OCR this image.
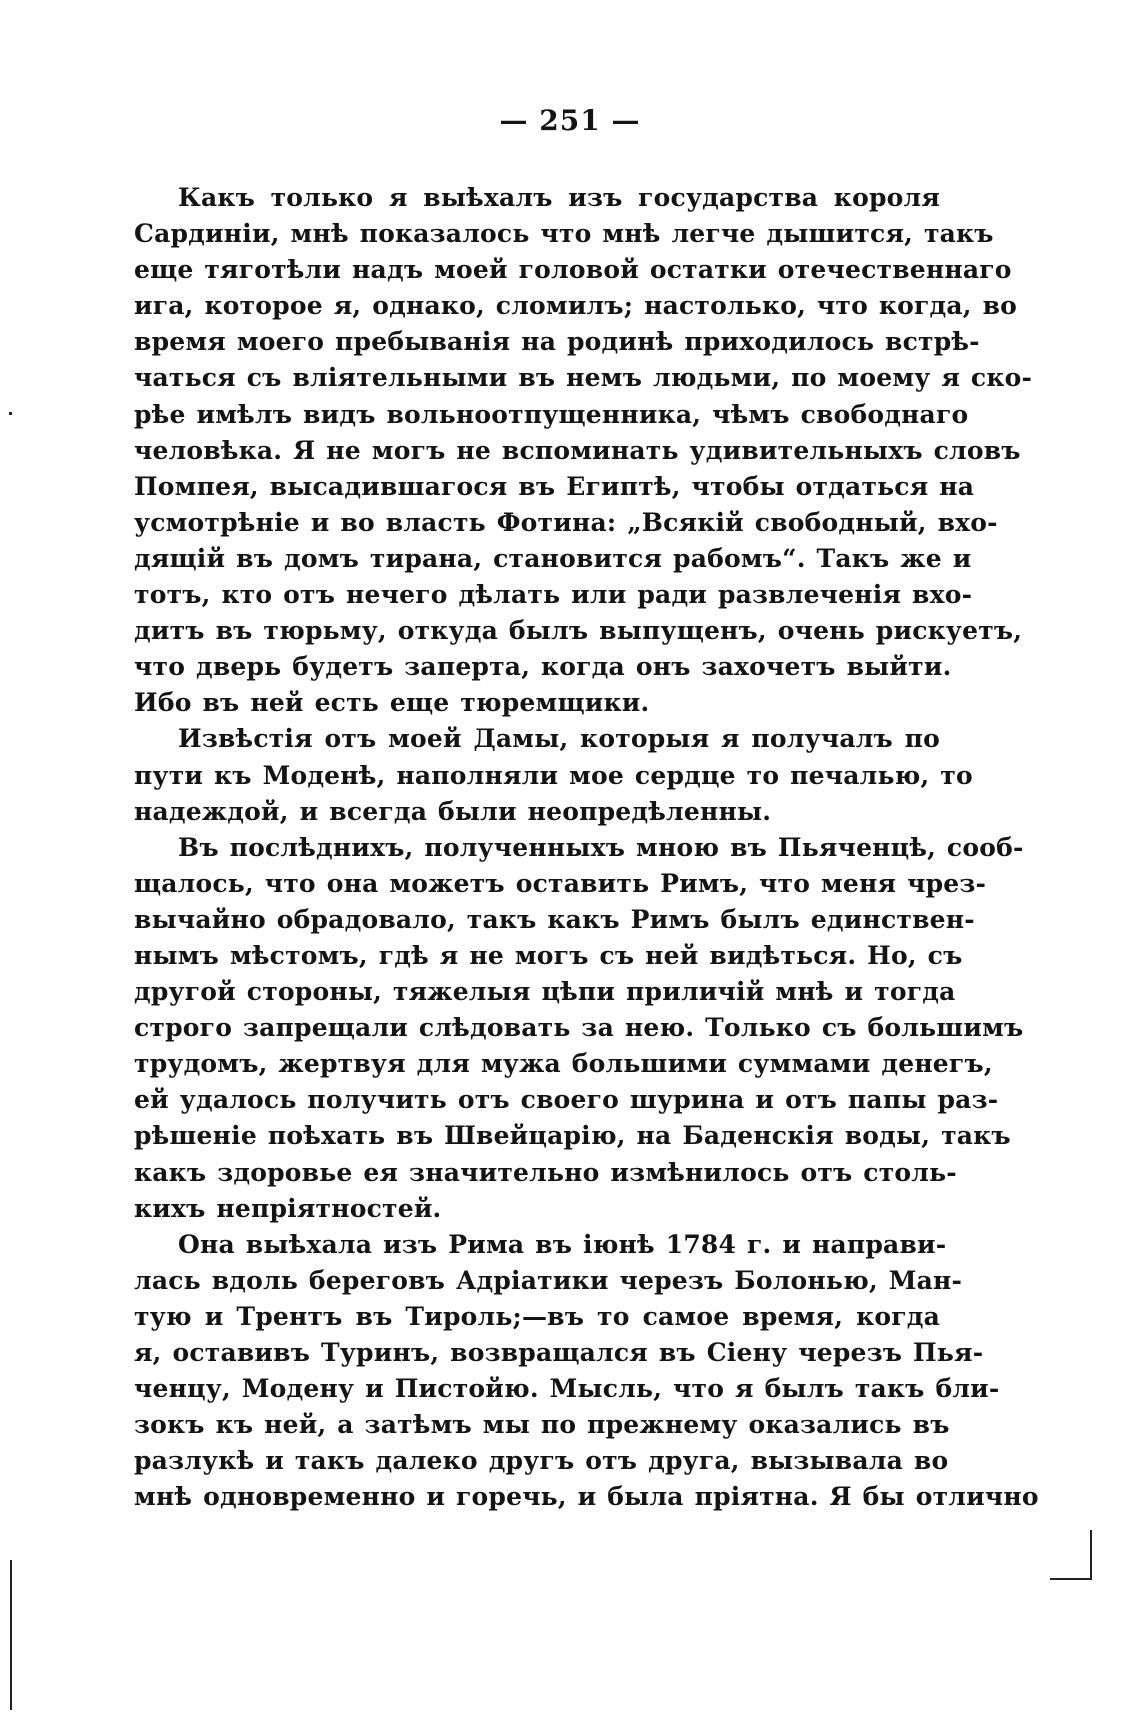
— 251 —
Какъ только я выѣхалъ изъ государства короля
Сардиніи, мнѣ показалось что мнѣ легче дышится, такъ
еще тяготѣли надъ моей головой остатки отечественнаго
ига, которое я, однако, сломилъ; настолько, что когда, во
время моего пребыванія на родинѣ приходилось встрѣ-
чаться съ вліятельными въ немъ людьми, по моему я ско-
рѣе имѣлъ видъ вольноотпущенника, чѣмъ свободнаго
человѣка. Я не могъ не вспоминать удивительныхъ словъ
Помпея, высадившагося въ Египтѣ, чтобы отдаться на
усмотрѣніе и во власть Фотина: „Всякій свободный, вхо-
дящій въ домъ тирана, становится рабомъ“. Такъ же и
тотъ, кто отъ нечего дѣлать или ради развлеченія вхо-
дитъ въ тюрьму, откуда былъ выпущенъ, очень рискуетъ,
что дверь будетъ заперта, когда онъ захочетъ выйти.
Ибо въ ней есть еще тюремщики.
Извѣстія отъ моей Дамы, которыя я получалъ по
пути къ Моденѣ, наполняли мое сердце то печалью, то
надеждой, и всегда были неопредѣленны.
Въ послѣднихъ, полученныхъ мною въ Пьяченцѣ, сооб-
щалось, что она можетъ оставить Римъ, что меня чрез-
вычайно обрадовало, такъ какъ Римъ былъ единствен-
нымъ мѣстомъ, гдѣ я не могъ съ ней видѣться. Но, съ
другой стороны, тяжелыя цѣпи приличій мнѣ и тогда
строго запрещали слѣдовать за нею. Только съ большимъ
трудомъ, жертвуя для мужа большими суммами денегъ,
ей удалось получить отъ своего шурина и отъ папы раз-
рѣшеніе поѣхать въ Швейцарію, на Баденскія воды, такъ
какъ здоровье ея значительно измѣнилось отъ столь-
кихъ непріятностей.
Она выѣхала изъ Рима въ іюнѣ 1784 г. и направи-
лась вдоль береговъ Адріатики черезъ Болонью, Ман-
тую и Трентъ въ Тироль;—въ то самое время, когда
я, оставивъ Туринъ, возвращался въ Сіену черезъ Пья-
ченцу, Модену и Пистойю. Мысль, что я былъ такъ бли-
зокъ къ ней, а затѣмъ мы по прежнему оказались въ
разлукѣ и такъ далеко другъ отъ друга, вызывала во
мнѣ одновременно и горечь, и была пріятна. Я бы отлично
